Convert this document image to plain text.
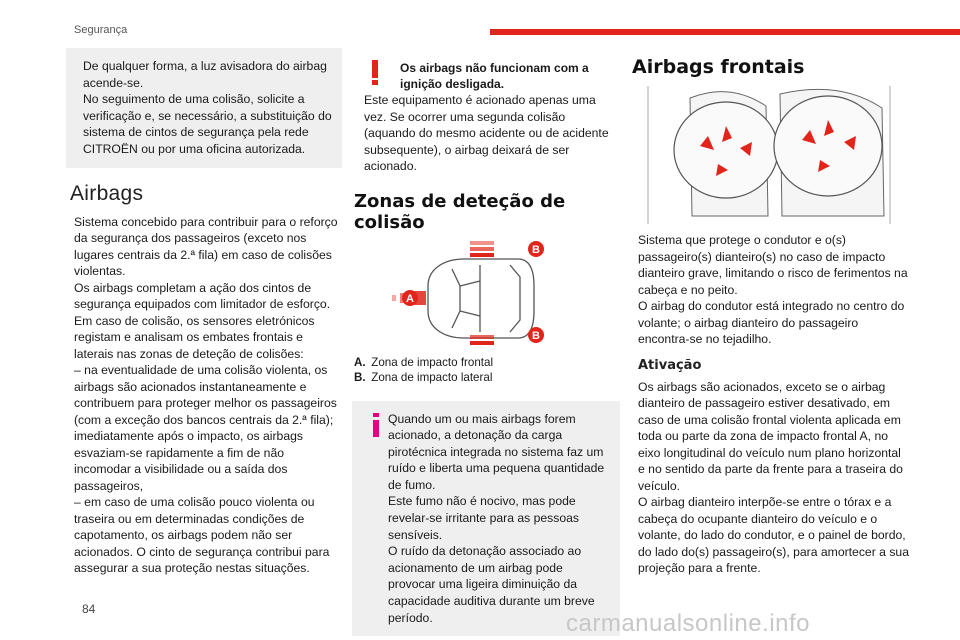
Segurança
De qualquer forma, a luz avisadora do airbag acende-se.
No seguimento de uma colisão, solicite a verificação e, se necessário, a substituição do sistema de cintos de segurança pela rede CITROËN ou por uma oficina autorizada.
Airbags
Sistema concebido para contribuir para o reforço da segurança dos passageiros (exceto nos lugares centrais da 2.ª fila) em caso de colisões violentas.
Os airbags completam a ação dos cintos de segurança equipados com limitador de esforço.
Em caso de colisão, os sensores eletrónicos registam e analisam os embates frontais e laterais nas zonas de deteção de colisões:
– na eventualidade de uma colisão violenta, os airbags são acionados instantaneamente e contribuem para proteger melhor os passageiros (com a exceção dos bancos centrais da 2.ª fila); imediatamente após o impacto, os airbags esvaziam-se rapidamente a fim de não incomodar a visibilidade ou a saída dos passageiros,
– em caso de uma colisão pouco violenta ou traseira ou em determinadas condições de capotamento, os airbags podem não ser acionados. O cinto de segurança contribui para assegurar a sua proteção nestas situações.
Os airbags não funcionam com a ignição desligada.
Este equipamento é acionado apenas uma vez. Se ocorrer uma segunda colisão (aquando do mesmo acidente ou de acidente subsequente), o airbag deixará de ser acionado.
Zonas de deteção de colisão
A
B
B
A. Zona de impacto frontal
B. Zona de impacto lateral
Quando um ou mais airbags forem acionado, a detonação da carga pirotécnica integrada no sistema faz um ruído e liberta uma pequena quantidade de fumo.
Este fumo não é nocivo, mas pode revelar-se irritante para as pessoas sensíveis.
O ruído da detonação associado ao acionamento de um airbag pode provocar uma ligeira diminuição da capacidade auditiva durante um breve período.
Airbags frontais
Sistema que protege o condutor e o(s) passageiro(s) dianteiro(s) no caso de impacto dianteiro grave, limitando o risco de ferimentos na cabeça e no peito.
O airbag do condutor está integrado no centro do volante; o airbag dianteiro do passageiro encontra-se no tejadilho.
Ativação
Os airbags são acionados, exceto se o airbag dianteiro de passageiro estiver desativado, em caso de uma colisão frontal violenta aplicada em toda ou parte da zona de impacto frontal A, no eixo longitudinal do veículo num plano horizontal e no sentido da parte da frente para a traseira do veículo.
O airbag dianteiro interpõe-se entre o tórax e a cabeça do ocupante dianteiro do veículo e o volante, do lado do condutor, e o painel de bordo, do lado do(s) passageiro(s), para amortecer a sua projeção para a frente.
84
carmanualsonline.info
